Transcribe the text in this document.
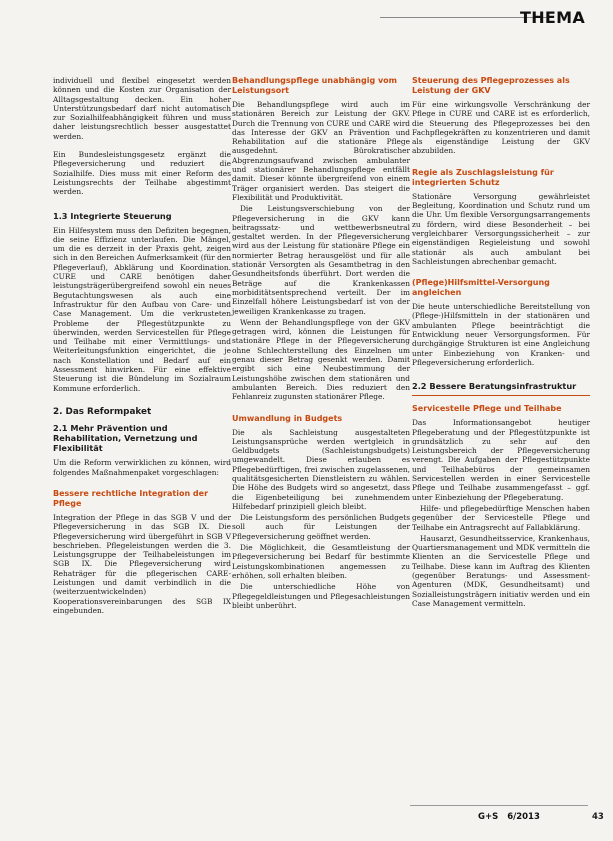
THEMA

individuell und flexibel eingesetzt werden können und die Kosten zur Organisation der Alltagsgestaltung decken. Ein hoher Unterstützungsbedarf darf nicht automatisch zur Sozialhilfeabhängigkeit führen und muss daher leistungsrechtlich besser ausgestattet werden.

Ein Bundesleistungsgesetz ergänzt die Pflegeversicherung und reduziert die Sozialhilfe. Dies muss mit einer Reform des Leistungsrechts der Teilhabe abgestimmt werden.

1.3 Integrierte Steuerung

Ein Hilfesystem muss den Defiziten begegnen, die seine Effizienz unterlaufen. Die Mängel, um die es derzeit in der Praxis geht, zeigen sich in den Bereichen Aufmerksamkeit (für den Pflegeverlauf), Abklärung und Koordination. CURE und CARE benötigen daher leistungsträgerübergreifend sowohl ein neues Begutachtungswesen als auch eine Infrastruktur für den Aufbau von Care- und Case Management. Um die verkrusteten Probleme der Pflegestützpunkte zu überwinden, werden Servicestellen für Pflege und Teilhabe mit einer Vermittlungs- und Weiterleitungsfunktion eingerichtet, die je nach Konstellation und Bedarf auf ein Assessment hinwirken. Für eine effektive Steuerung ist die Bündelung im Sozialraum Kommune erforderlich.

2. Das Reformpaket
2.1 Mehr Prävention und Rehabilitation, Vernetzung und Flexibilität

Um die Reform verwirklichen zu können, wird folgendes Maßnahmenpaket vorgeschlagen:

Bessere rechtliche Integration der Pflege

Integration der Pflege in das SGB V und der Pflegeversicherung in das SGB IX. Die Pflegeversicherung wird übergeführt in SGB V beschrieben. Pflegeleistungen werden die 3. Leistungsgruppe der Teilhabeleistungen im SGB IX. Die Pflegeversicherung wird Rehaträger für die pflegerischen CARE-Leistungen und damit verbindlich in die (weiterzuentwickelnden) Kooperationsvereinbarungen des SGB IX eingebunden.

Behandlungspflege unabhängig vom Leistungsort

Die Behandlungspflege wird auch im stationären Bereich zur Leistung der GKV. Durch die Trennung von CURE und CARE wird das Interesse der GKV an Prävention und Rehabilitation auf die stationäre Pflege ausgedehnt. Bürokratischer Abgrenzungsaufwand zwischen ambulanter und stationärer Behandlungspflege entfällt damit. Dieser könnte übergreifend von einem Träger organisiert werden. Das steigert die Flexibilität und Produktivität.

Die Leistungsverschiebung von der Pflegeversicherung in die GKV kann beitragssatz- und wettbewerbsneutral gestaltet werden. In der Pflegeversicherung wird aus der Leistung für stationäre Pflege ein normierter Betrag herausgelöst und für alle stationär Versorgten als Gesamtbetrag in den Gesundheitsfonds überführt. Dort werden die Beträge auf die Krankenkassen morbiditätsentsprechend verteilt. Der im Einzelfall höhere Leistungsbedarf ist von der jeweiligen Krankenkasse zu tragen.

Wenn der Behandlungspflege von der GKV getragen wird, können die Leistungen für stationäre Pflege in der Pflegeversicherung ohne Schlechterstellung des Einzelnen um genau dieser Betrag gesenkt werden. Damit ergibt sich eine Neubestimmung der Leistungshöhe zwischen dem stationären und ambulanten Bereich. Dies reduziert den Fehlanreiz zugunsten stationärer Pflege.

Umwandlung in Budgets

Die als Sachleistung ausgestalteten Leistungsansprüche werden wertgleich in Geldbudgets (Sachleistungsbudgets) umgewandelt. Diese erlauben es Pflegebedürftigen, frei zwischen zugelassenen, qualitätsgesicherten Dienstleistern zu wählen. Die Höhe des Budgets wird so angesetzt, dass die Eigenbeteiligung bei zunehmendem Hilfebedarf prinzipiell gleich bleibt.

Die Leistungsform des persönlichen Budgets soll auch für Leistungen der Pflegeversicherung geöffnet werden.

Die Möglichkeit, die Gesamtleistung der Pflegeversicherung bei Bedarf für bestimmte Leistungskombinationen angemessen zu erhöhen, soll erhalten bleiben.

Die unterschiedliche Höhe von Pflegegeldleistungen und Pflegesachleistungen bleibt unberührt.

Steuerung des Pflegeprozesses als Leistung der GKV

Für eine wirkungsvolle Verschränkung der Pflege in CURE und CARE ist es erforderlich, die Steuerung des Pflegeprozesses bei den Fachpflegekräften zu konzentrieren und damit als eigenständige Leistung der GKV abzubilden.

Regie als Zuschlagsleistung für integrierten Schutz

Stationäre Versorgung gewährleistet Begleitung, Koordination und Schutz rund um die Uhr. Um flexible Versorgungsarrangements zu fördern, wird diese Besonderheit – bei vergleichbarer Versorgungssicherheit – zur eigenständigen Regieleistung und sowohl stationär als auch ambulant bei Sachleistungen abrechenbar gemacht.

(Pflege)Hilfsmittel-Versorgung angleichen

Die heute unterschiedliche Bereitstellung von (Pflege-)Hilfsmitteln in der stationären und ambulanten Pflege beeinträchtigt die Entwicklung neuer Versorgungsformen. Für durchgängige Strukturen ist eine Angleichung unter Einbeziehung von Kranken- und Pflegeversicherung erforderlich.

2.2 Bessere Beratungsinfrastruktur
Servicestelle Pflege und Teilhabe

Das Informationsangebot heutiger Pflegeberatung und der Pflegestützpunkte ist grundsätzlich zu sehr auf den Leistungsbereich der Pflegeversicherung verengt. Die Aufgaben der Pflegestützpunkte und Teilhabebüros der gemeinsamen Servicestellen werden in einer Servicestelle Pflege und Teilhabe zusammengefasst – ggf. unter Einbeziehung der Pflegeberatung.

Hilfe- und pflegebedürftige Menschen haben gegenüber der Servicestelle Pflege und Teilhabe ein Antragsrecht auf Fallabklärung.

Hausarzt, Gesundheitsservice, Krankenhaus, Quartiersmanagement und MDK vermitteln die Klienten an die Servicestelle Pflege und Teilhabe. Diese kann im Auftrag des Klienten (gegenüber Beratungs- und Assessment-Agenturen (MDK, Gesundheitsamt) und Sozialleistungsträgern initiativ werden und ein Case Management vermitteln.

G+S 6/2013	43
